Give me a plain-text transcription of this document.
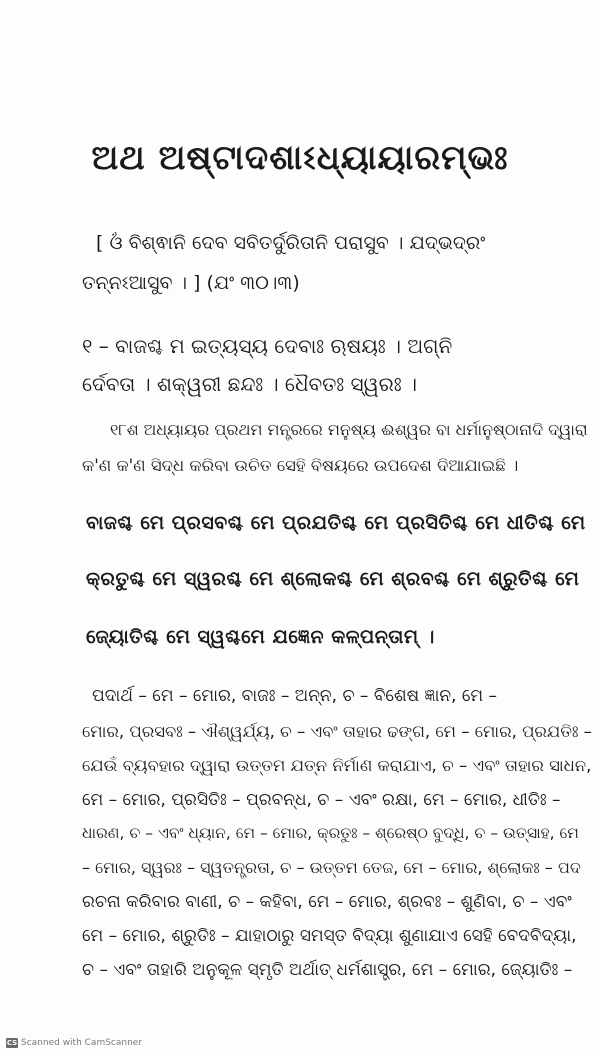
ଅଥ ଅଷ୍ଟାଦଶାଽଧ୍ୟାୟାରମ୍ଭଃ
[ ଓଁ ବିଶ୍ଵାନି ଦେବ ସବିତର୍ଦୁରିତାନି ପରାସୁବ । ଯଦ୍ଭଦ୍ରଂ
ତନ୍ନଽଆସୁବ । ] (ଯଂ ୩୦।୩)
୧ – ବାଜଶ୍ଚ ମ ଇତ୍ୟସ୍ୟ ଦେବାଃ ଋଷୟଃ । ଅଗ୍ନି
ର୍ଦେବତା । ଶକ୍ୱରୀ ଛନ୍ଦଃ । ଧୈବତଃ ସ୍ୱରଃ ।
୧୮ଶ ଅଧ୍ୟାୟର ପ୍ରଥମ ମନ୍ତ୍ରରେ ମନୁଷ୍ୟ ଈଶ୍ୱର ବା ଧର୍ମାନୁଷ୍ଠାନାଦି ଦ୍ୱାରା
କ'ଣ କ'ଣ ସିଦ୍ଧ କରିବା ଉଚିତ ସେହି ବିଷୟରେ ଉପଦେଶ ଦିଆଯାଇଛି ।
ବାଜଶ୍ଚ ମେ ପ୍ରସବଶ୍ଚ ମେ ପ୍ରଯତିଶ୍ଚ ମେ ପ୍ରସିତିଶ୍ଚ ମେ ଧୀତିଶ୍ଚ ମେ
କ୍ରତୁଶ୍ଚ ମେ ସ୍ୱରଶ୍ଚ ମେ ଶ୍ଲୋକଶ୍ଚ ମେ ଶ୍ରବଶ୍ଚ ମେ ଶ୍ରୁତିଶ୍ଚ ମେ
ଜ୍ୟୋତିଶ୍ଚ ମେ ସ୍ୱଶ୍ଚମେ ଯଜ୍ଞେନ କଳ୍ପନ୍ତାମ୍ ।
ପଦାର୍ଥ – ମେ – ମୋର, ବାଜଃ – ଅନ୍ନ, ଚ – ବିଶେଷ ଜ୍ଞାନ, ମେ –
ମୋର, ପ୍ରସବଃ – ଐଶ୍ୱର୍ଯ୍ୟ, ଚ – ଏବଂ ତାହାର ଢଙ୍ଗ, ମେ – ମୋର, ପ୍ରଯତିଃ –
ଯେଉଁ ବ୍ୟବହାର ଦ୍ୱାରା ଉତ୍ତମ ଯତ୍ନ ନିର୍ମାଣ କରାଯାଏ, ଚ – ଏବଂ ତାହାର ସାଧନ,
ମେ – ମୋର, ପ୍ରସିତିଃ – ପ୍ରବନ୍ଧ, ଚ – ଏବଂ ରକ୍ଷା, ମେ – ମୋର, ଧୀତିଃ –
ଧାରଣ, ଚ – ଏବଂ ଧ୍ୟାନ, ମେ – ମୋର, କ୍ରତୁଃ – ଶ୍ରେଷ୍ଠ ବୁଦ୍ଧି, ଚ – ଉତ୍ସାହ, ମେ
– ମୋର, ସ୍ୱରଃ – ସ୍ୱତନ୍ତ୍ରତା, ଚ – ଉତ୍ତମ ତେଜ, ମେ – ମୋର, ଶ୍ଲୋକଃ – ପଦ
ରଚନା କରିବାର ବାଣୀ, ଚ – କହିବା, ମେ – ମୋର, ଶ୍ରବଃ – ଶୁଣିବା, ଚ – ଏବଂ
ମେ – ମୋର, ଶ୍ରୁତିଃ – ଯାହାଠାରୁ ସମସ୍ତ ବିଦ୍ୟା ଶୁଣାଯାଏ ସେହି ବେଦବିଦ୍ୟା,
ଚ – ଏବଂ ତାହାରି ଅନୁକୂଳ ସ୍ମୃତି ଅର୍ଥାତ୍ ଧର୍ମଶାସ୍ତ୍ର, ମେ – ମୋର, ଜ୍ୟୋତିଃ –
CS Scanned with CamScanner
